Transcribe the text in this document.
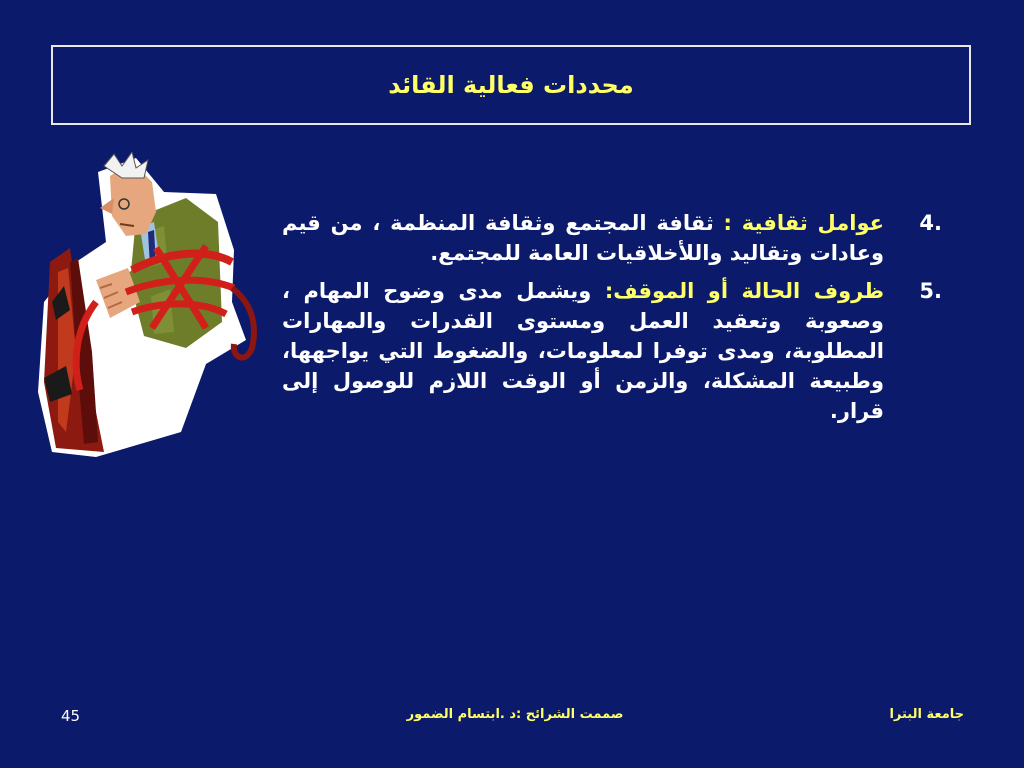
محددات فعالية القائد
4.
عوامل ثقافية : ثقافة المجتمع وثقافة المنظمة ، من قيم وعادات وتقاليد واللأخلاقيات العامة للمجتمع.
5.
ظروف الحالة أو الموقف: ويشمل مدى وضوح المهام ، وصعوبة وتعقيد العمل ومستوى القدرات والمهارات المطلوبة، ومدى توفرا لمعلومات، والضغوط التي يواجهها، وطبيعة المشكلة، والزمن أو الوقت اللازم للوصول إلى قرار.
45	صممت الشرائح :د .ابتسام الضمور	جامعة البترا
